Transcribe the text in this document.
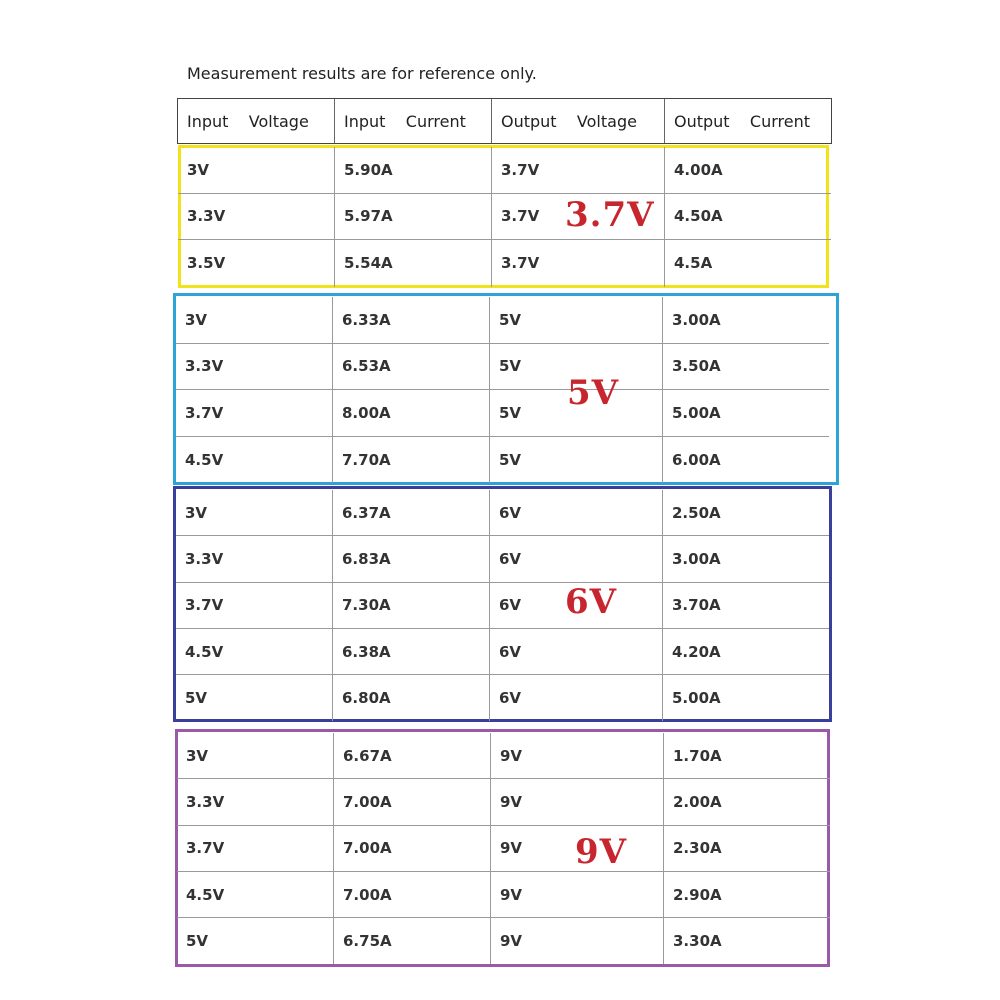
Measurement results are for reference only.
Input    Voltage	Input    Current	Output    Voltage	Output    Current
3V	5.90A	3.7V	4.00A
3.3V	5.97A	3.7V	4.50A
3.5V	5.54A	3.7V	4.5A
3.7V
3V	6.33A	5V	3.00A
3.3V	6.53A	5V	3.50A
3.7V	8.00A	5V	5.00A
4.5V	7.70A	5V	6.00A
5V
3V	6.37A	6V	2.50A
3.3V	6.83A	6V	3.00A
3.7V	7.30A	6V	3.70A
4.5V	6.38A	6V	4.20A
5V	6.80A	6V	5.00A
6V
3V	6.67A	9V	1.70A
3.3V	7.00A	9V	2.00A
3.7V	7.00A	9V	2.30A
4.5V	7.00A	9V	2.90A
5V	6.75A	9V	3.30A
9V
